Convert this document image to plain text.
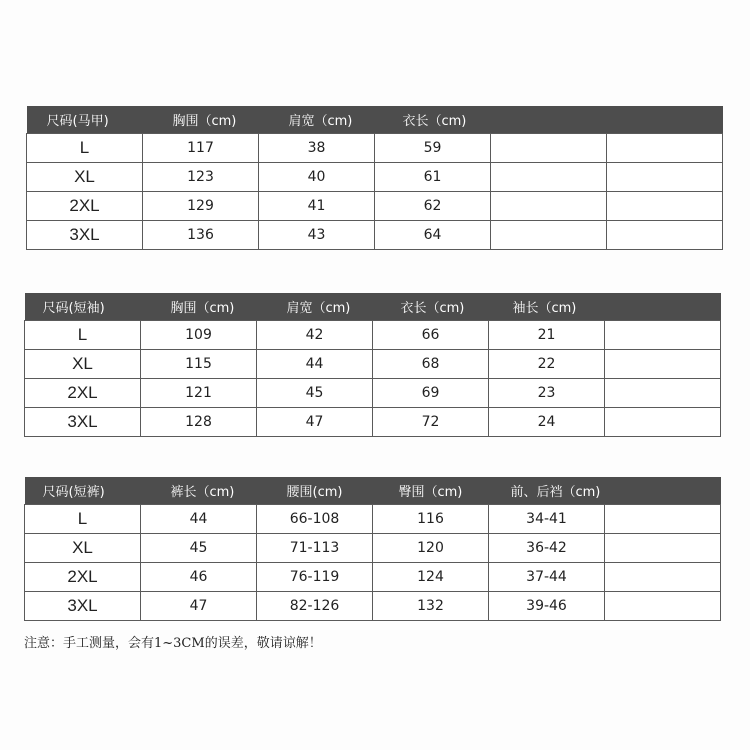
尺码(马甲)	胸围（cm)	肩宽（cm)	衣长（cm)		
L	117	38	59		
XL	123	40	61		
2XL	129	41	62		
3XL	136	43	64		
尺码(短袖)	胸围（cm)	肩宽（cm)	衣长（cm)	袖长（cm)	
L	109	42	66	21	
XL	115	44	68	22	
2XL	121	45	69	23	
3XL	128	47	72	24	
尺码(短裤)	裤长（cm)	腰围(cm)	臀围（cm)	前、后裆（cm)	
L	44	66-108	116	34-41	
XL	45	71-113	120	36-42	
2XL	46	76-119	124	37-44	
3XL	47	82-126	132	39-46	
注意：手工测量，会有1~3CM的误差，敬请谅解！
